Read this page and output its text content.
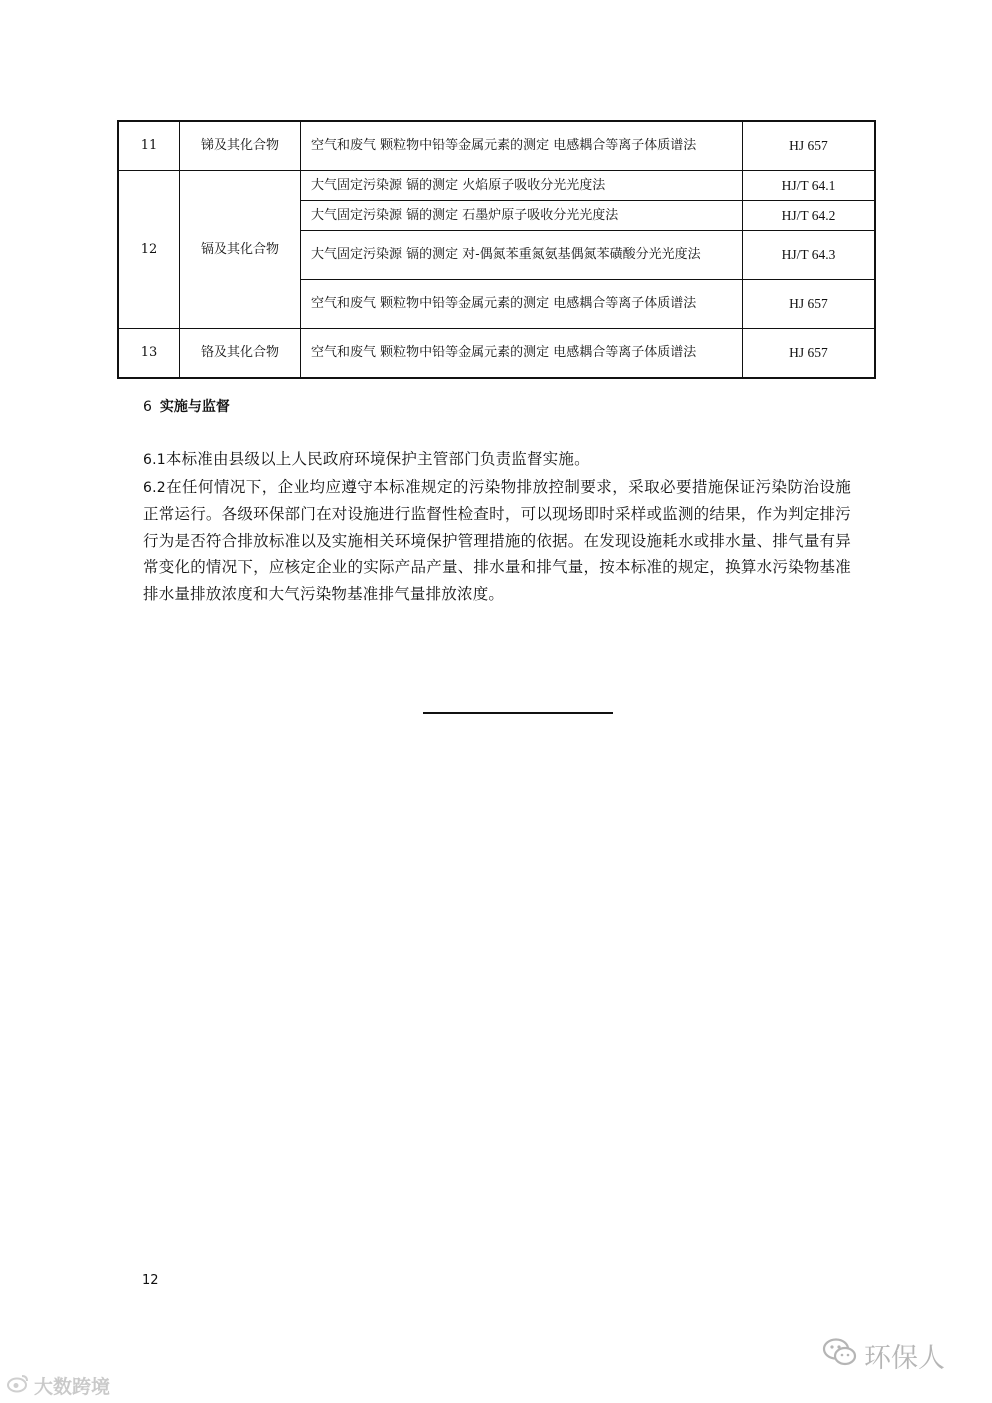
11	锑及其化合物	空气和废气 颗粒物中铅等金属元素的测定 电感耦合等离子体质谱法	HJ 657
12	镉及其化合物	大气固定污染源 镉的测定 火焰原子吸收分光光度法	HJ/T 64.1
		大气固定污染源 镉的测定 石墨炉原子吸收分光光度法	HJ/T 64.2
		大气固定污染源 镉的测定 对-偶氮苯重氮氨基偶氮苯磺酸分光光度法	HJ/T 64.3
		空气和废气 颗粒物中铅等金属元素的测定 电感耦合等离子体质谱法	HJ 657
13	铬及其化合物	空气和废气 颗粒物中铅等金属元素的测定 电感耦合等离子体质谱法	HJ 657
6 实施与监督

6.1本标准由县级以上人民政府环境保护主管部门负责监督实施。

6.2在任何情况下，企业均应遵守本标准规定的污染物排放控制要求，采取必要措施保证污染防治设施正常运行。各级环保部门在对设施进行监督性检查时，可以现场即时采样或监测的结果，作为判定排污行为是否符合排放标准以及实施相关环境保护管理措施的依据。在发现设施耗水或排水量、排气量有异常变化的情况下，应核定企业的实际产品产量、排水量和排气量，按本标准的规定，换算水污染物基准排水量排放浓度和大气污染物基准排气量排放浓度。

12
大数跨境
环保人
